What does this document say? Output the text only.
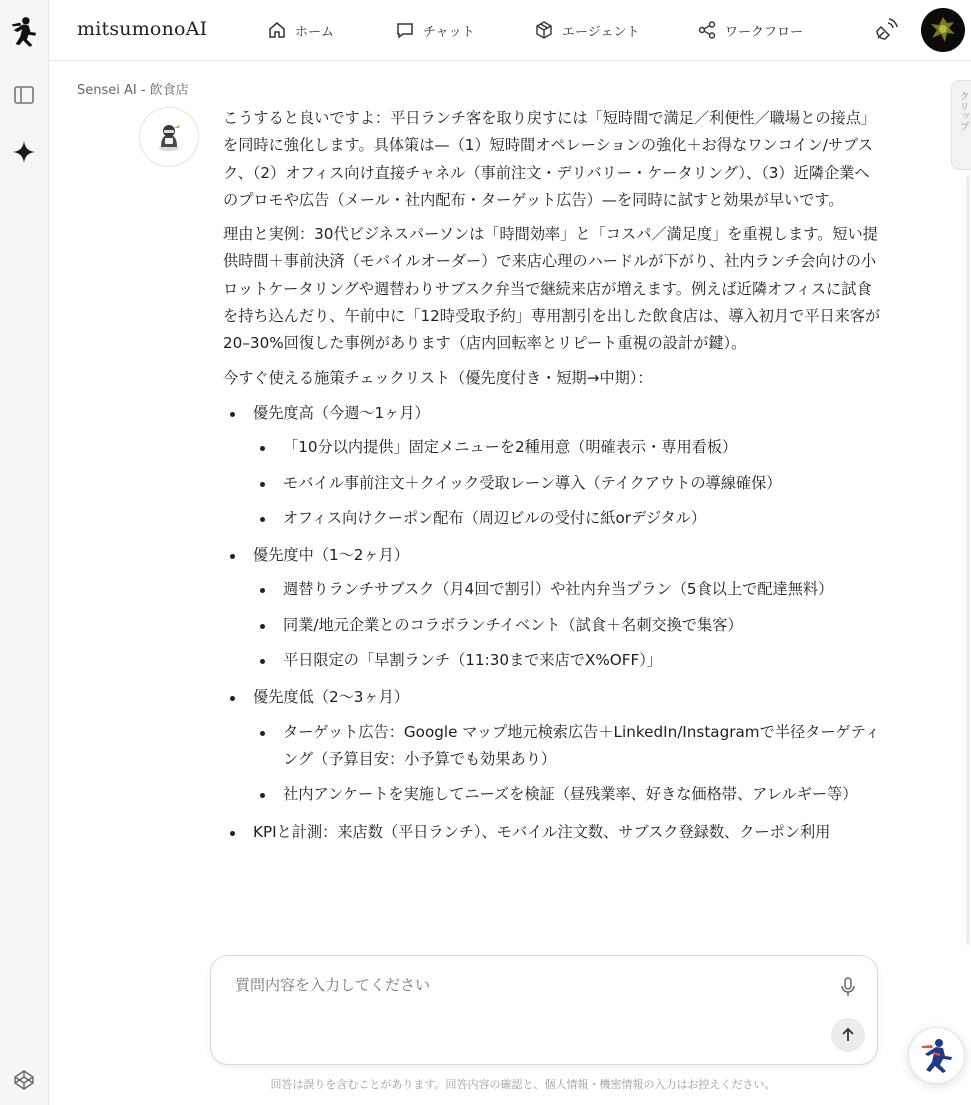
mitsumonoAI	ホーム	チャット	エージェント	ワークフロー
Sensei AI - 飲食店

こうすると良いですよ：平日ランチ客を取り戻すには「短時間で満足／利便性／職場との接点」を同時に強化します。具体策は—（1）短時間オペレーションの強化＋お得なワンコイン/サブスク、（2）オフィス向け直接チャネル（事前注文・デリバリー・ケータリング）、（3）近隣企業へのプロモや広告（メール・社内配布・ターゲット広告）—を同時に試すと効果が早いです。

理由と実例：30代ビジネスパーソンは「時間効率」と「コスパ／満足度」を重視します。短い提供時間＋事前決済（モバイルオーダー）で来店心理のハードルが下がり、社内ランチ会向けの小ロットケータリングや週替わりサブスク弁当で継続来店が増えます。例えば近隣オフィスに試食を持ち込んだり、午前中に「12時受取予約」専用割引を出した飲食店は、導入初月で平日来客が20–30%回復した事例があります（店内回転率とリピート重視の設計が鍵）。

今すぐ使える施策チェックリスト（優先度付き・短期→中期）：

優先度高（今週〜1ヶ月）
「10分以内提供」固定メニューを2種用意（明確表示・専用看板）
モバイル事前注文＋クイック受取レーン導入（テイクアウトの導線確保）
オフィス向けクーポン配布（周辺ビルの受付に紙orデジタル）
優先度中（1〜2ヶ月）
週替りランチサブスク（月4回で割引）や社内弁当プラン（5食以上で配達無料）
同業/地元企業とのコラボランチイベント（試食＋名刺交換で集客）
平日限定の「早割ランチ（11:30まで来店でX%OFF）」
優先度低（2〜3ヶ月）
ターゲット広告：Google マップ地元検索広告＋LinkedIn/Instagramで半径ターゲティング（予算目安：小予算でも効果あり）
社内アンケートを実施してニーズを検証（昼残業率、好きな価格帯、アレルギー等）
KPIと計測：来店数（平日ランチ）、モバイル注文数、サブスク登録数、クーポン利用
クリップ
質問内容を入力してください
回答は誤りを含むことがあります。回答内容の確認と、個人情報・機密情報の入力はお控えください。
